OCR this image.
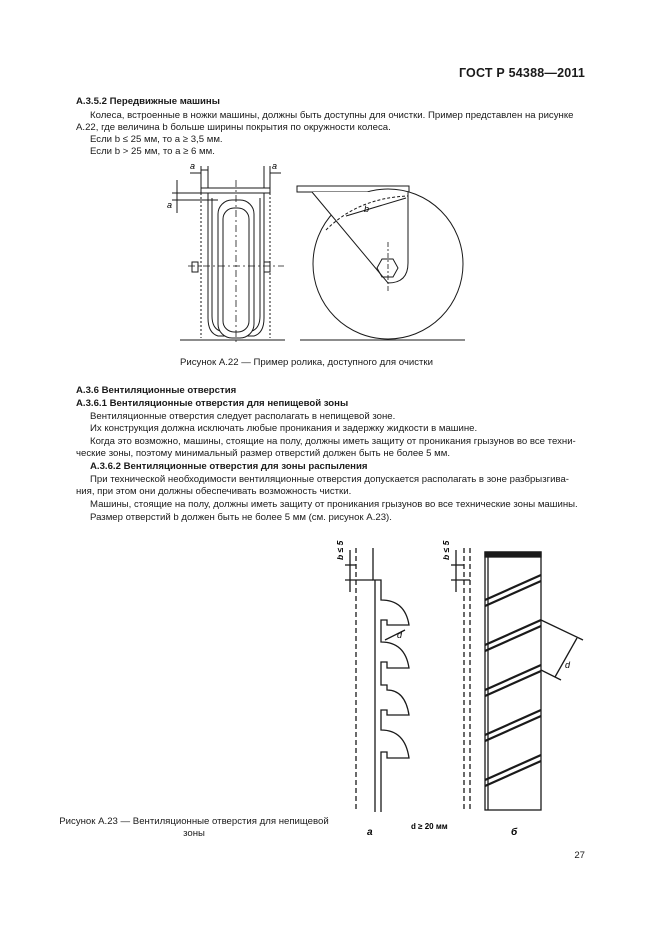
ГОСТ Р 54388—2011
А.3.5.2 Передвижные машины
Колеса, встроенные в ножки машины, должны быть доступны для очистки. Пример представлен на рисунке
А.22, где величина b больше ширины покрытия по окружности колеса.
Если b ≤ 25 мм, то a ≥ 3,5 мм.
Если b > 25 мм, то a ≥ 6 мм.
a	a
a	b
Рисунок А.22 — Пример ролика, доступного для очистки
А.3.6 Вентиляционные отверстия
А.3.6.1 Вентиляционные отверстия для непищевой зоны
Вентиляционные отверстия следует располагать в непищевой зоне.
Их конструкция должна исключать любые проникания и задержку жидкости в машине.
Когда это возможно, машины, стоящие на полу, должны иметь защиту от проникания грызунов во все техни-
ческие зоны, поэтому минимальный размер отверстий должен быть не более 5 мм.
А.3.6.2 Вентиляционные отверстия для зоны распыления
При технической необходимости вентиляционные отверстия допускается располагать в зоне разбрызгива-
ния, при этом они должны обеспечивать возможность чистки.
Машины, стоящие на полу, должны иметь защиту от проникания грызунов во все технические зоны машины.
Размер отверстий b должен быть не более 5 мм (см. рисунок А.23).
b ≤ 5	b ≤ 5
d
d
d ≥ 20 мм
а	б
Рисунок А.23 — Вентиляционные отверстия для непищевой зоны
27
